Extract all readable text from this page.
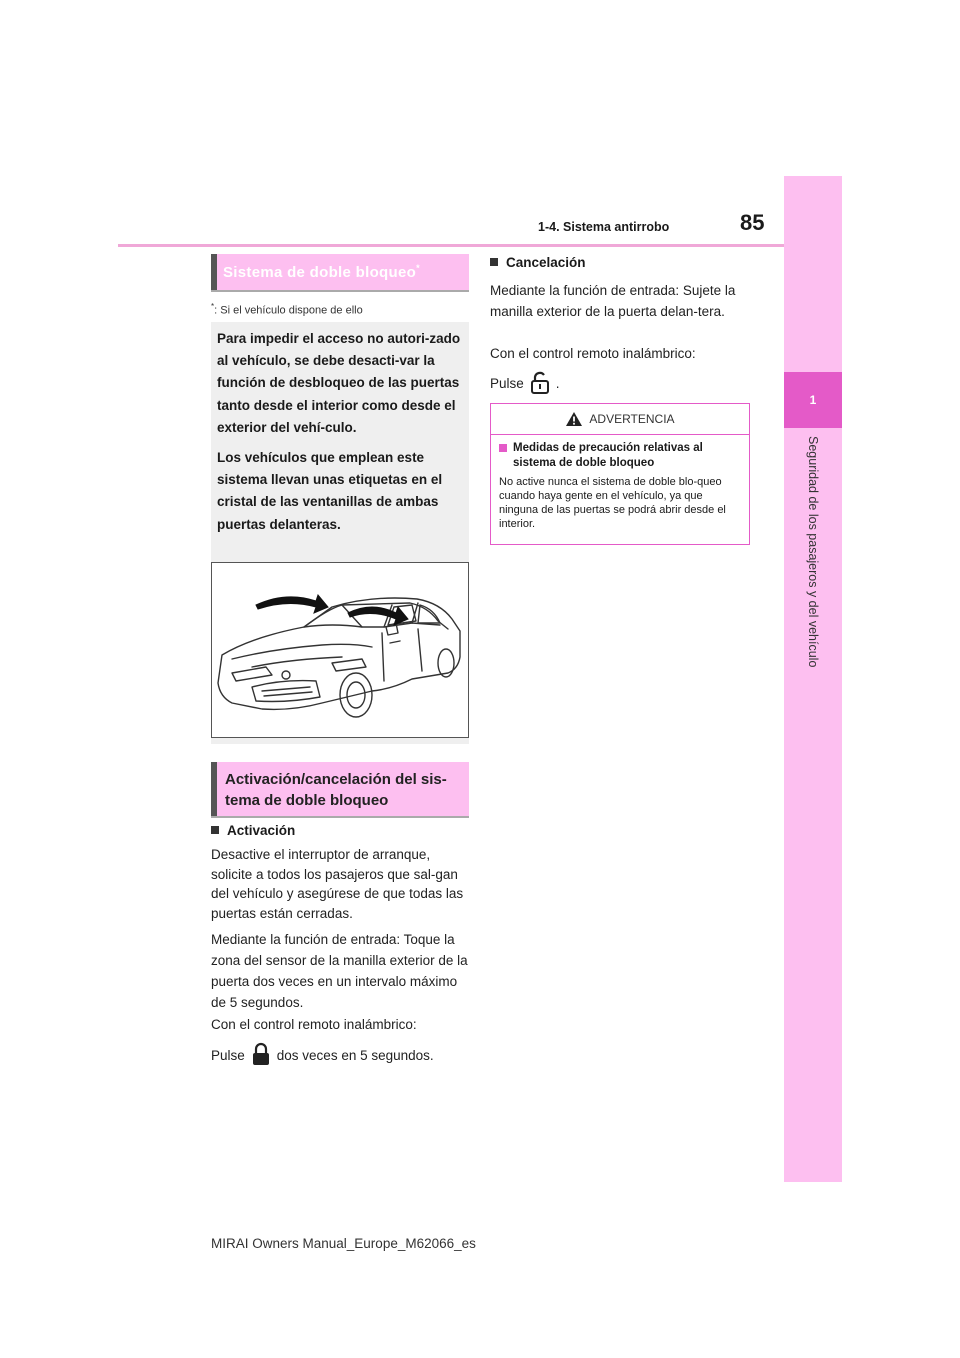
85
1-4. Sistema antirrobo
1
Seguridad de los pasajeros y del vehículo
Sistema de doble bloqueo*
*: Si el vehículo dispone de ello

Para impedir el acceso no autori-zado al vehículo, se debe desacti-var la función de desbloqueo de las puertas tanto desde el interior como desde el exterior del vehí-culo.

Los vehículos que emplean este sistema llevan unas etiquetas en el cristal de las ventanillas de ambas puertas delanteras.

Activación/cancelación del sis-tema de doble bloqueo
Activación
Desactive el interruptor de arranque, solicite a todos los pasajeros que sal-gan del vehículo y asegúrese de que todas las puertas están cerradas.
Mediante la función de entrada: Toque la zona del sensor de la manilla exterior de la puerta dos veces en un intervalo máximo de 5 segundos.
Con el control remoto inalámbrico:
Pulse dos veces en 5 segundos.
Cancelación
Mediante la función de entrada: Sujete la manilla exterior de la puerta delan-tera.
Con el control remoto inalámbrico:
Pulse .
ADVERTENCIA
Medidas de precaución relativas al sistema de doble bloqueo
No active nunca el sistema de doble blo-queo cuando haya gente en el vehículo, ya que ninguna de las puertas se podrá abrir desde el interior.
MIRAI Owners Manual_Europe_M62066_es
